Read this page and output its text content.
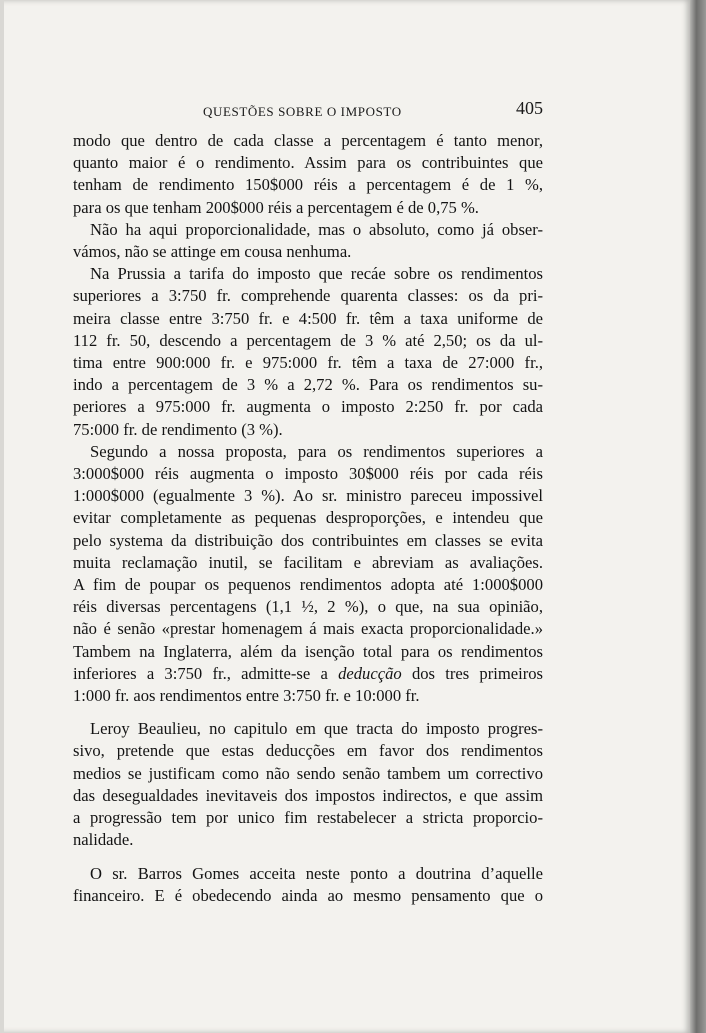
QUESTÕES SOBRE O IMPOSTO	405

modo que dentro de cada classe a percentagem é tanto menor,

quanto maior é o rendimento. Assim para os contribuintes que

tenham de rendimento 150$000 réis a percentagem é de 1 %,

para os que tenham 200$000 réis a percentagem é de 0,75 %.

Não ha aqui proporcionalidade, mas o absoluto, como já obser-

vámos, não se attinge em cousa nenhuma.

Na Prussia a tarifa do imposto que recáe sobre os rendimentos

superiores a 3:750 fr. comprehende quarenta classes: os da pri-

meira classe entre 3:750 fr. e 4:500 fr. têm a taxa uniforme de

112 fr. 50, descendo a percentagem de 3 % até 2,50; os da ul-

tima entre 900:000 fr. e 975:000 fr. têm a taxa de 27:000 fr.,

indo a percentagem de 3 % a 2,72 %. Para os rendimentos su-

periores a 975:000 fr. augmenta o imposto 2:250 fr. por cada

75:000 fr. de rendimento (3 %).

Segundo a nossa proposta, para os rendimentos superiores a

3:000$000 réis augmenta o imposto 30$000 réis por cada réis

1:000$000 (egualmente 3 %). Ao sr. ministro pareceu impossivel

evitar completamente as pequenas desproporções, e intendeu que

pelo systema da distribuição dos contribuintes em classes se evita

muita reclamação inutil, se facilitam e abreviam as avaliações.

A fim de poupar os pequenos rendimentos adopta até 1:000$000

réis diversas percentagens (1,1 ½, 2 %), o que, na sua opinião,

não é senão «prestar homenagem á mais exacta proporcionalidade.»

Tambem na Inglaterra, além da isenção total para os rendimentos

inferiores a 3:750 fr., admitte-se a deducção dos tres primeiros

1:000 fr. aos rendimentos entre 3:750 fr. e 10:000 fr.

Leroy Beaulieu, no capitulo em que tracta do imposto progres-

sivo, pretende que estas deducções em favor dos rendimentos

medios se justificam como não sendo senão tambem um correctivo

das desegualdades inevitaveis dos impostos indirectos, e que assim

a progressão tem por unico fim restabelecer a stricta proporcio-

nalidade.

O sr. Barros Gomes acceita neste ponto a doutrina d’aquelle

financeiro. E é obedecendo ainda ao mesmo pensamento que o
